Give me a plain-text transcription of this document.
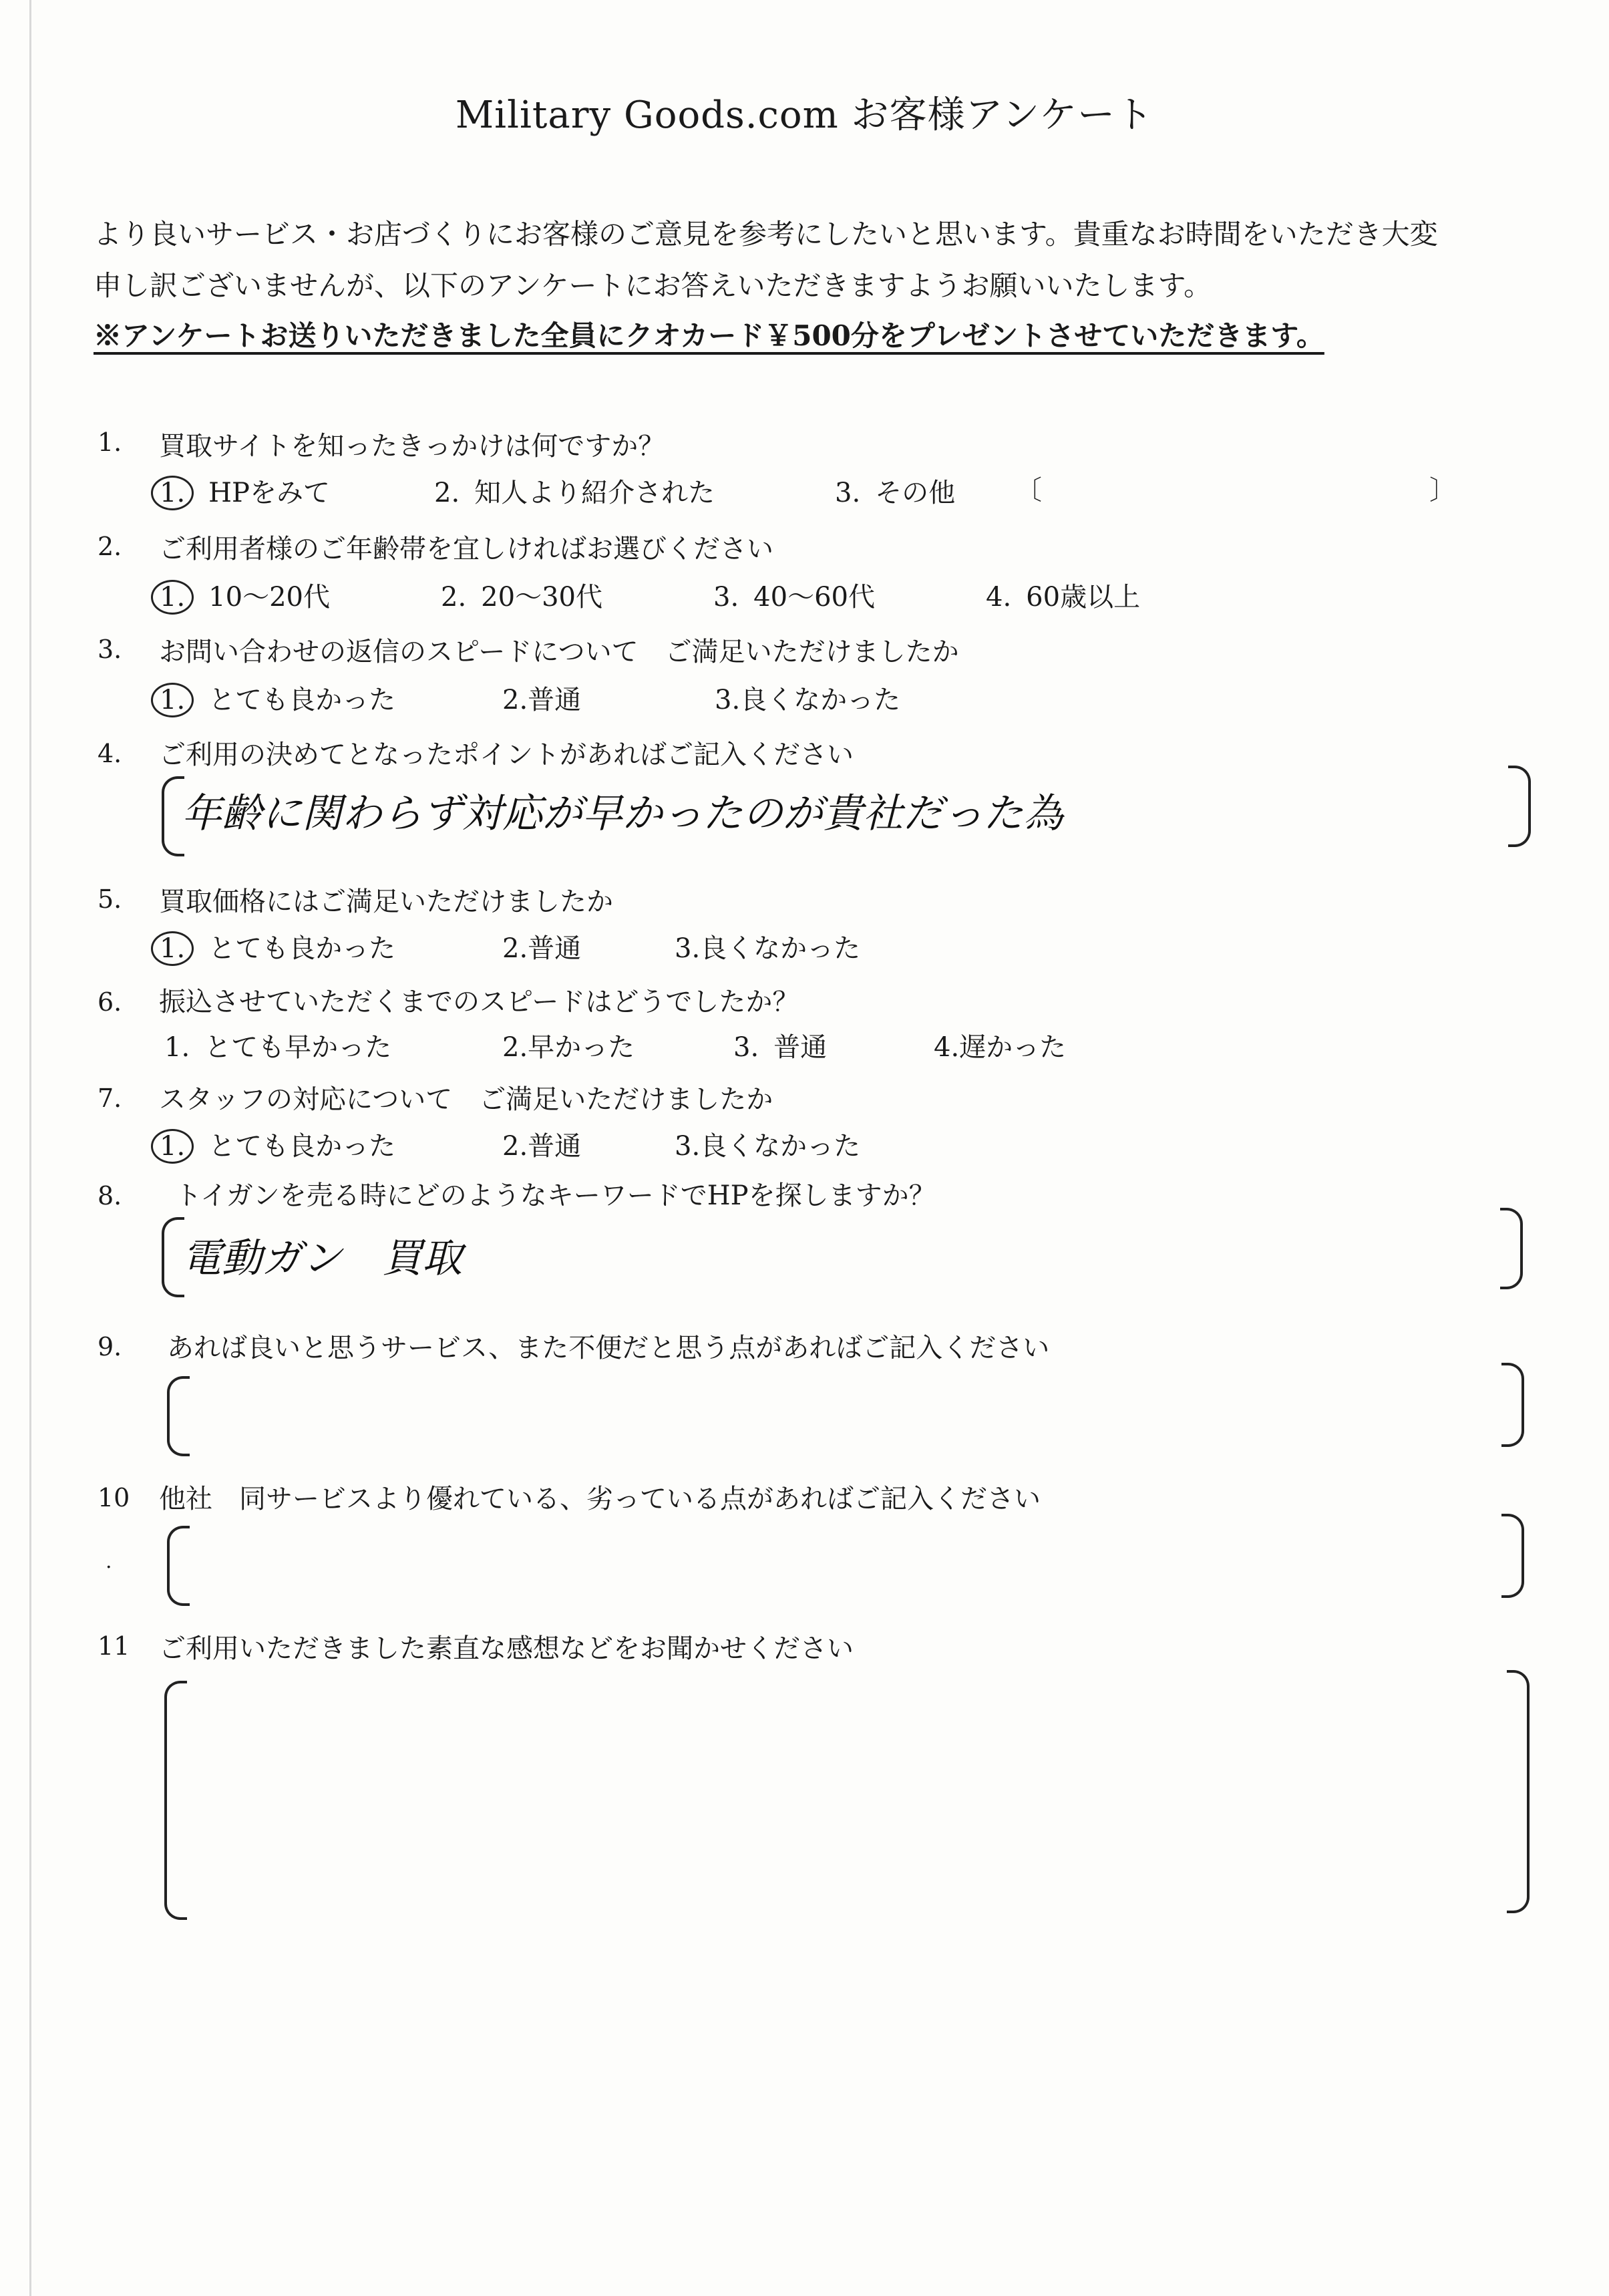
Military Goods.com お客様アンケート
より良いサービス・お店づくりにお客様のご意見を参考にしたいと思います。貴重なお時間をいただき大変
申し訳ございませんが、以下のアンケートにお答えいただきますようお願いいたします。
※アンケートお送りいただきました全員にクオカード￥500分をプレゼントさせていただきます。
1. 買取サイトを知ったきっかけは何ですか？
1. HPをみて	2. 知人より紹介された	3. その他 〔	〕
2. ご利用者様のご年齢帯を宜しければお選びください
1. 10～20代	2. 20～30代	3. 40～60代	4. 60歳以上
3. お問い合わせの返信のスピードについて　ご満足いただけましたか
1. とても良かった	2.普通	3.良くなかった
4. ご利用の決めてとなったポイントがあればご記入ください
年齢に関わらず対応が早かったのが貴社だった為
5. 買取価格にはご満足いただけましたか
1. とても良かった	2.普通	3.良くなかった
6. 振込させていただくまでのスピードはどうでしたか？
1. とても早かった	2.早かった	3. 普通	4.遅かった
7. スタッフの対応について　ご満足いただけましたか
1. とても良かった	2.普通	3.良くなかった
8. トイガンを売る時にどのようなキーワードでHPを探しますか？
電動ガン　買取
9. あれば良いと思うサービス、また不便だと思う点があればご記入ください
10 他社　同サービスより優れている、劣っている点があればご記入ください
.
11 ご利用いただきました素直な感想などをお聞かせください
